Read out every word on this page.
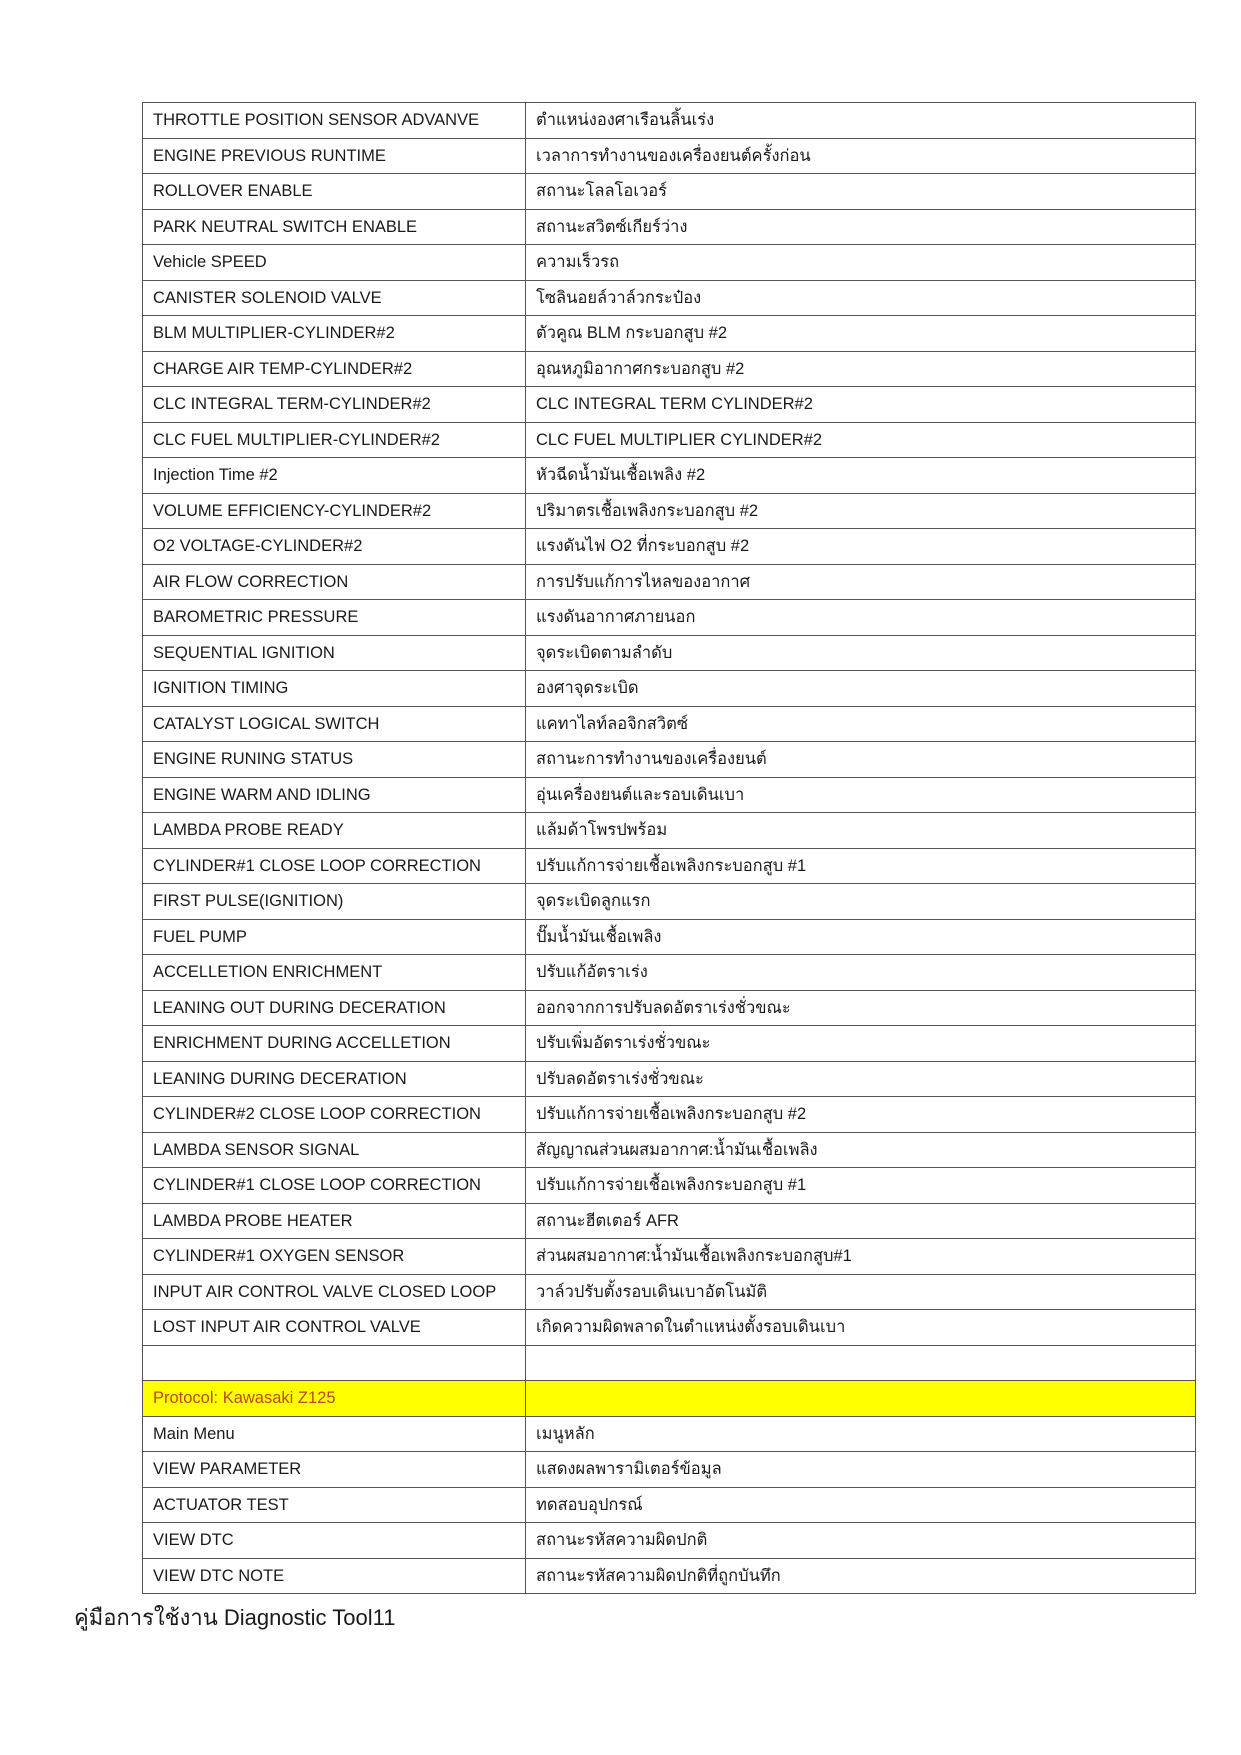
THROTTLE POSITION SENSOR ADVANVE	ตำแหน่งองศาเรือนลิ้นเร่ง
ENGINE PREVIOUS RUNTIME	เวลาการทำงานของเครื่องยนต์ครั้งก่อน
ROLLOVER ENABLE	สถานะโลลโอเวอร์
PARK NEUTRAL SWITCH ENABLE	สถานะสวิตซ์เกียร์ว่าง
Vehicle SPEED	ความเร็วรถ
CANISTER SOLENOID VALVE	โซลินอยล์วาล์วกระป๋อง
BLM MULTIPLIER-CYLINDER#2	ตัวคูณ BLM กระบอกสูบ #2
CHARGE AIR TEMP-CYLINDER#2	อุณหภูมิอากาศกระบอกสูบ #2
CLC INTEGRAL TERM-CYLINDER#2	CLC INTEGRAL TERM CYLINDER#2
CLC FUEL MULTIPLIER-CYLINDER#2	CLC FUEL MULTIPLIER CYLINDER#2
Injection Time #2	หัวฉีดน้ำมันเชื้อเพลิง #2
VOLUME EFFICIENCY-CYLINDER#2	ปริมาตรเชื้อเพลิงกระบอกสูบ #2
O2 VOLTAGE-CYLINDER#2	แรงดันไฟ O2 ที่กระบอกสูบ #2
AIR FLOW CORRECTION	การปรับแก้การไหลของอากาศ
BAROMETRIC PRESSURE	แรงดันอากาศภายนอก
SEQUENTIAL IGNITION	จุดระเบิดตามลำดับ
IGNITION TIMING	องศาจุดระเบิด
CATALYST LOGICAL SWITCH	แคทาไลท์ลอจิกสวิตซ์
ENGINE RUNING STATUS	สถานะการทำงานของเครื่องยนต์
ENGINE WARM AND IDLING	อุ่นเครื่องยนต์และรอบเดินเบา
LAMBDA PROBE READY	แล้มด้าโพรปพร้อม
CYLINDER#1 CLOSE LOOP CORRECTION	ปรับแก้การจ่ายเชื้อเพลิงกระบอกสูบ #1
FIRST PULSE(IGNITION)	จุดระเบิดลูกแรก
FUEL PUMP	ปั๊มน้ำมันเชื้อเพลิง
ACCELLETION ENRICHMENT	ปรับแก้อัตราเร่ง
LEANING OUT DURING DECERATION	ออกจากการปรับลดอัตราเร่งชั่วขณะ
ENRICHMENT DURING ACCELLETION	ปรับเพิ่มอัตราเร่งชั่วขณะ
LEANING DURING DECERATION	ปรับลดอัตราเร่งชั่วขณะ
CYLINDER#2 CLOSE LOOP CORRECTION	ปรับแก้การจ่ายเชื้อเพลิงกระบอกสูบ #2
LAMBDA SENSOR SIGNAL	สัญญาณส่วนผสมอากาศ:น้ำมันเชื้อเพลิง
CYLINDER#1 CLOSE LOOP CORRECTION	ปรับแก้การจ่ายเชื้อเพลิงกระบอกสูบ #1
LAMBDA PROBE HEATER	สถานะฮีตเตอร์ AFR
CYLINDER#1 OXYGEN SENSOR	ส่วนผสมอากาศ:น้ำมันเชื้อเพลิงกระบอกสูบ#1
INPUT AIR CONTROL VALVE CLOSED LOOP	วาล์วปรับตั้งรอบเดินเบาอัตโนมัติ
LOST INPUT AIR CONTROL VALVE	เกิดความผิดพลาดในตำแหน่งตั้งรอบเดินเบา

Protocol: Kawasaki Z125	
Main Menu	เมนูหลัก
VIEW PARAMETER	แสดงผลพารามิเตอร์ข้อมูล
ACTUATOR TEST	ทดสอบอุปกรณ์
VIEW DTC	สถานะรหัสความผิดปกติ
VIEW DTC NOTE	สถานะรหัสความผิดปกติที่ถูกบันทึก
คู่มือการใช้งาน Diagnostic Tool11
